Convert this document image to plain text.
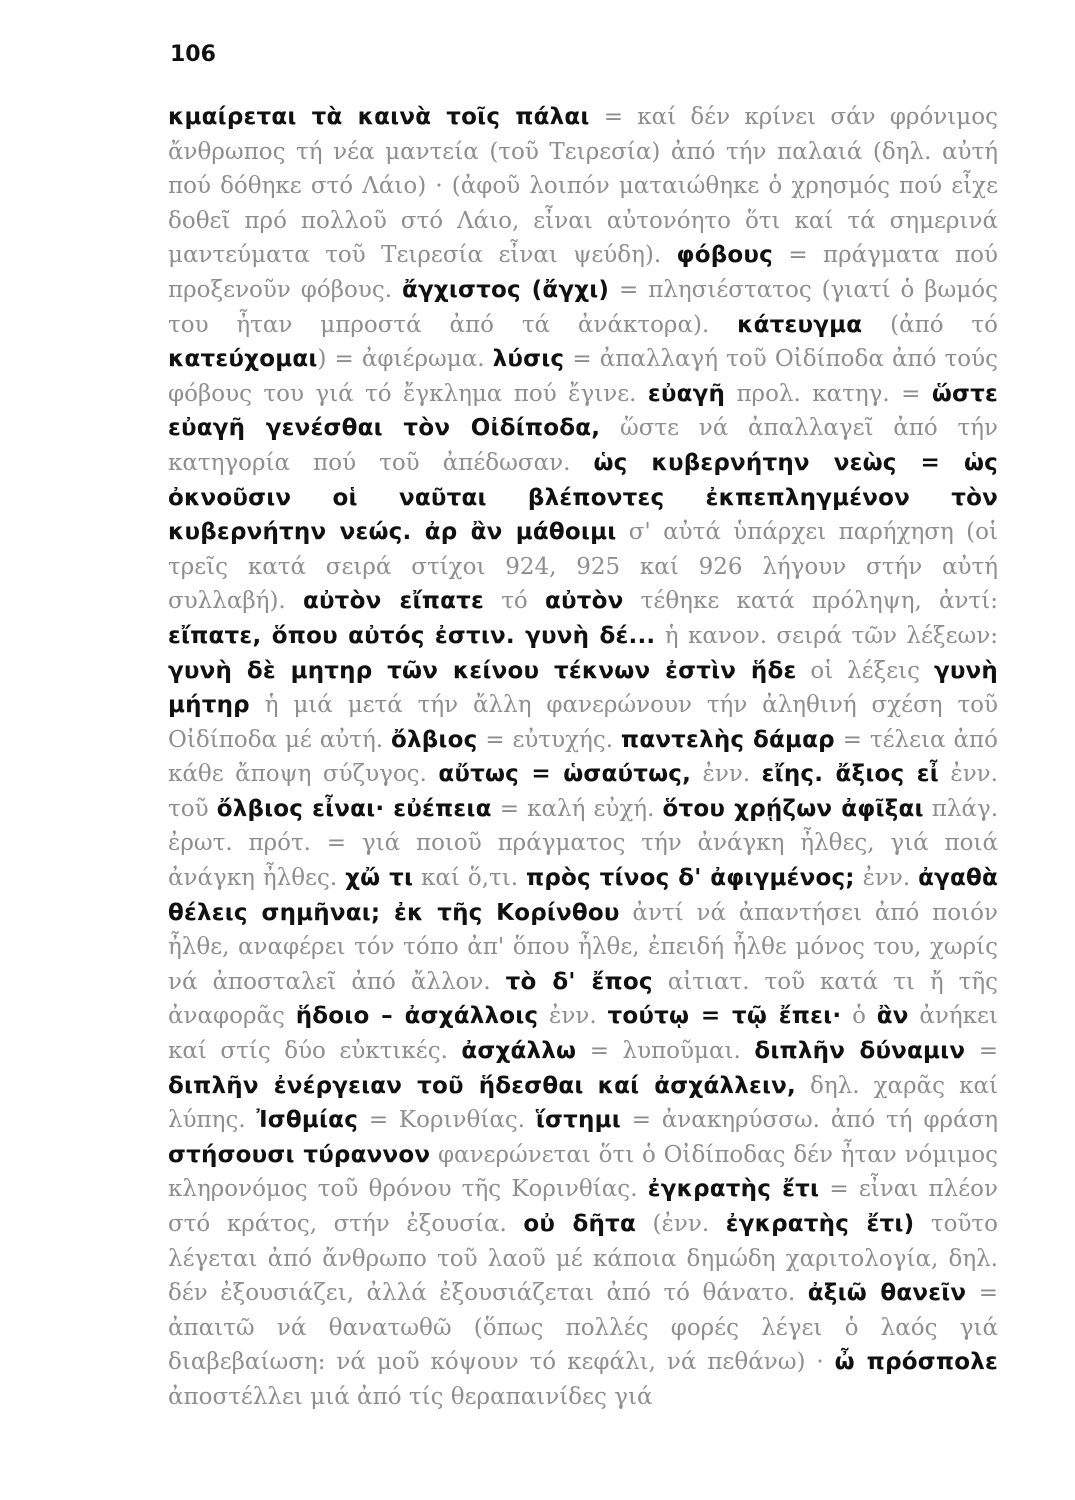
106
κμαίρεται τὰ καινὰ τοῖς πάλαι = καί δέν κρίνει σάν φρόνιμος ἄνθρωπος τή νέα μαντεία (τοῦ Τειρεσία) ἀπό τήν παλαιά (δηλ. αὐτή πού δόθηκε στό Λάιο) · (ἀφοῦ λοιπόν ματαιώθηκε ὁ χρησμός πού εἶχε δοθεῖ πρό πολλοῦ στό Λάιο, εἶναι αὐτονόητο ὅτι καί τά σημερινά μαντεύματα τοῦ Τειρεσία εἶναι ψεύδη). φόβους = πράγματα πού προξενοῦν φόβους. ἄγχιστος (ἄγχι) = πλησιέστατος (γιατί ὁ βωμός του ἦταν μπροστά ἀπό τά ἀνάκτορα). κάτευγμα (ἀπό τό κατεύχομαι) = ἀφιέρωμα. λύσις = ἀπαλλαγή τοῦ Οἰδίποδα ἀπό τούς φόβους του γιά τό ἔγκλημα πού ἔγινε. εὐαγῆ προλ. κατηγ. = ὥστε εὐαγῆ γενέσθαι τὸν Οἰδίποδα, ὥστε νά ἀπαλλαγεῖ ἀπό τήν κατηγορία πού τοῦ ἀπέδωσαν. ὡς κυβερνήτην νεὼς = ὡς ὀκνοῦσιν οἱ ναῦται βλέποντες ἐκπεπληγμένον τὸν κυβερνήτην νεώς. ἀρ ἂν μάθοιμι σ' αὐτά ὑπάρχει παρήχηση (οἱ τρεῖς κατά σειρά στίχοι 924, 925 καί 926 λήγουν στήν αὐτή συλλαβή). αὐτὸν εἴπατε τό αὐτὸν τέθηκε κατά πρόληψη, ἀντί: εἴπατε, ὅπου αὐτός ἐστιν. γυνὴ δέ... ἡ κανον. σειρά τῶν λέξεων: γυνὴ δὲ μητηρ τῶν κείνου τέκνων ἐστὶν ἥδε οἱ λέξεις γυνὴ μήτηρ ἡ μιά μετά τήν ἄλλη φανερώνουν τήν ἀληθινή σχέση τοῦ Οἰδίποδα μέ αὐτή. ὄλβιος = εὐτυχής. παντελὴς δάμαρ = τέλεια ἀπό κάθε ἄποψη σύζυγος. αὔτως = ὡσαύτως, ἐνν. εἴης. ἄξιος εἶ ἐνν. τοῦ ὄλβιος εἶναι· εὐέπεια = καλή εὐχή. ὅτου χρῄζων ἀφῖξαι πλάγ. ἐρωτ. πρότ. = γιά ποιοῦ πράγματος τήν ἀνάγκη ἦλθες, γιά ποιά ἀνάγκη ἦλθες. χὤ τι καί ὅ,τι. πρὸς τίνος δ' ἀφιγμένος; ἐνν. ἀγαθὰ θέλεις σημῆναι; ἐκ τῆς Κορίνθου ἀντί νά ἀπαντήσει ἀπό ποιόν ἦλθε, αναφέρει τόν τόπο ἀπ' ὅπου ἦλθε, ἐπειδή ἦλθε μόνος του, χωρίς νά ἀποσταλεῖ ἀπό ἄλλον. τὸ δ' ἔπος αἰτιατ. τοῦ κατά τι ἤ τῆς ἀναφορᾶς ἥδοιο – ἀσχάλλοις ἐνν. τούτῳ = τῷ ἔπει· ὁ ἂν ἀνήκει καί στίς δύο εὐκτικές. ἀσχάλλω = λυποῦμαι. διπλῆν δύναμιν = διπλῆν ἐνέργειαν τοῦ ἥδεσθαι καί ἀσχάλλειν, δηλ. χαρᾶς καί λύπης. Ἰσθμίας = Κορινθίας. ἵστημι = ἀνακηρύσσω. ἀπό τή φράση στήσουσι τύραννον φανερώνεται ὅτι ὁ Οἰδίποδας δέν ἦταν νόμιμος κληρονόμος τοῦ θρόνου τῆς Κορινθίας. ἐγκρατὴς ἔτι = εἶναι πλέον στό κράτος, στήν ἐξουσία. οὐ δῆτα (ἐνν. ἐγκρατὴς ἔτι) τοῦτο λέγεται ἀπό ἄνθρωπο τοῦ λαοῦ μέ κάποια δημώδη χαριτολογία, δηλ. δέν ἐξουσιάζει, ἀλλά ἐξουσιάζεται ἀπό τό θάνατο. ἀξιῶ θανεῖν = ἀπαιτῶ νά θανατωθῶ (ὅπως πολλές φορές λέγει ὁ λαός γιά διαβεβαίωση: νά μοῦ κόψουν τό κεφάλι, νά πεθάνω) · ὦ πρόσπολε ἀποστέλλει μιά ἀπό τίς θεραπαινίδες γιά
